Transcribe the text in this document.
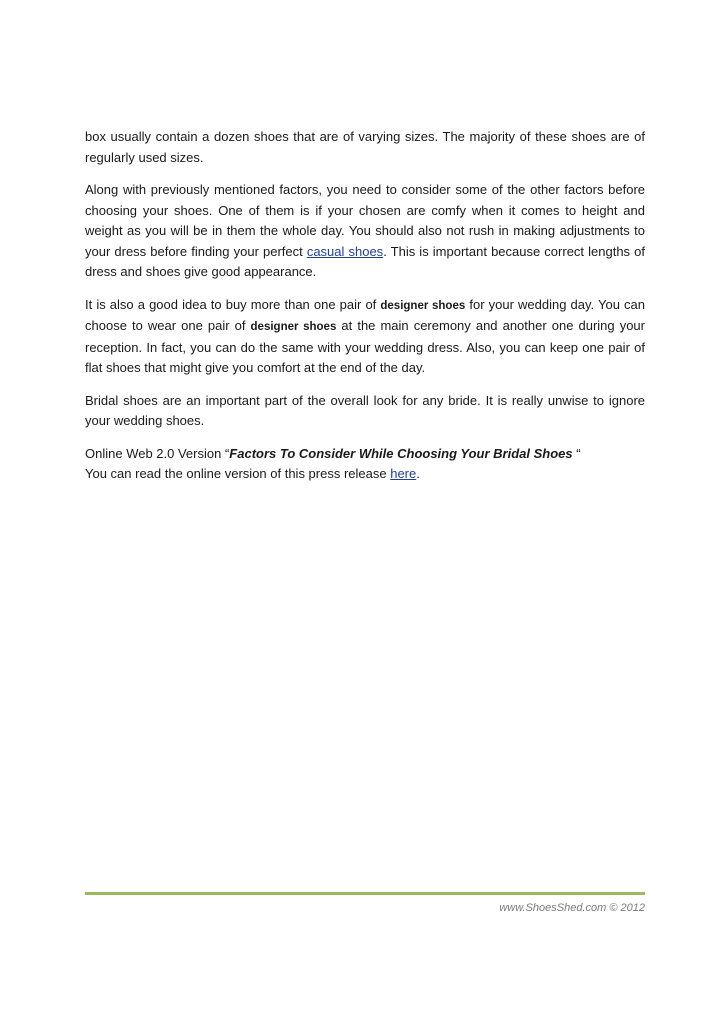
box usually contain a dozen shoes that are of varying sizes. The majority of these shoes are of regularly used sizes.

Along with previously mentioned factors, you need to consider some of the other factors before choosing your shoes. One of them is if your chosen are comfy when it comes to height and weight as you will be in them the whole day. You should also not rush in making adjustments to your dress before finding your perfect casual shoes. This is important because correct lengths of dress and shoes give good appearance.

It is also a good idea to buy more than one pair of designer shoes for your wedding day. You can choose to wear one pair of designer shoes at the main ceremony and another one during your reception. In fact, you can do the same with your wedding dress. Also, you can keep one pair of flat shoes that might give you comfort at the end of the day.

Bridal shoes are an important part of the overall look for any bride. It is really unwise to ignore your wedding shoes.

Online Web 2.0 Version “Factors To Consider While Choosing Your Bridal Shoes “

You can read the online version of this press release here.

www.ShoesShed.com © 2012
